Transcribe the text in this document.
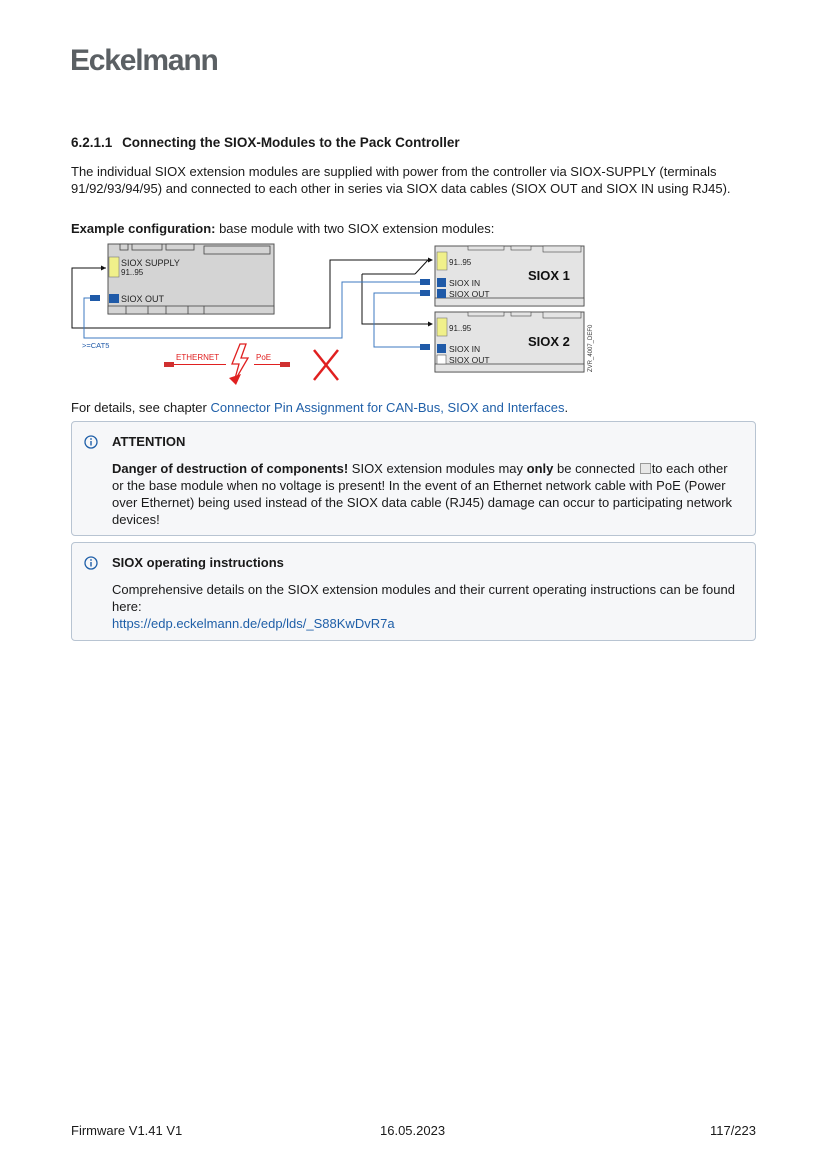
Eckelmann
6.2.1.1 Connecting the SIOX-Modules to the Pack Controller
The individual SIOX extension modules are supplied with power from the controller via SIOX-SUPPLY (terminals 91/92/93/94/95) and connected to each other in series via SIOX data cables (SIOX OUT and SIOX IN using RJ45).
Example configuration: base module with two SIOX extension modules:
SIOX SUPPLY
91..95
SIOX OUT
91..95
SIOX 1
SIOX IN
SIOX OUT
91..95
SIOX 2
SIOX IN
SIOX OUT	ZVR_4007_DEF0
>=CAT5
ETHERNET	PoE
For details, see chapter Connector Pin Assignment for CAN-Bus, SIOX and Interfaces.
ATTENTION
Danger of destruction of components! SIOX extension modules may only be connected to each other or the base module when no voltage is present! In the event of an Ethernet network cable with PoE (Power over Ethernet) being used instead of the SIOX data cable (RJ45) damage can occur to participating network devices!
SIOX operating instructions
Comprehensive details on the SIOX extension modules and their current operating instructions can be found here:
https://edp.eckelmann.de/edp/lds/_S88KwDvR7a
Firmware V1.41 V1	16.05.2023	117/223
